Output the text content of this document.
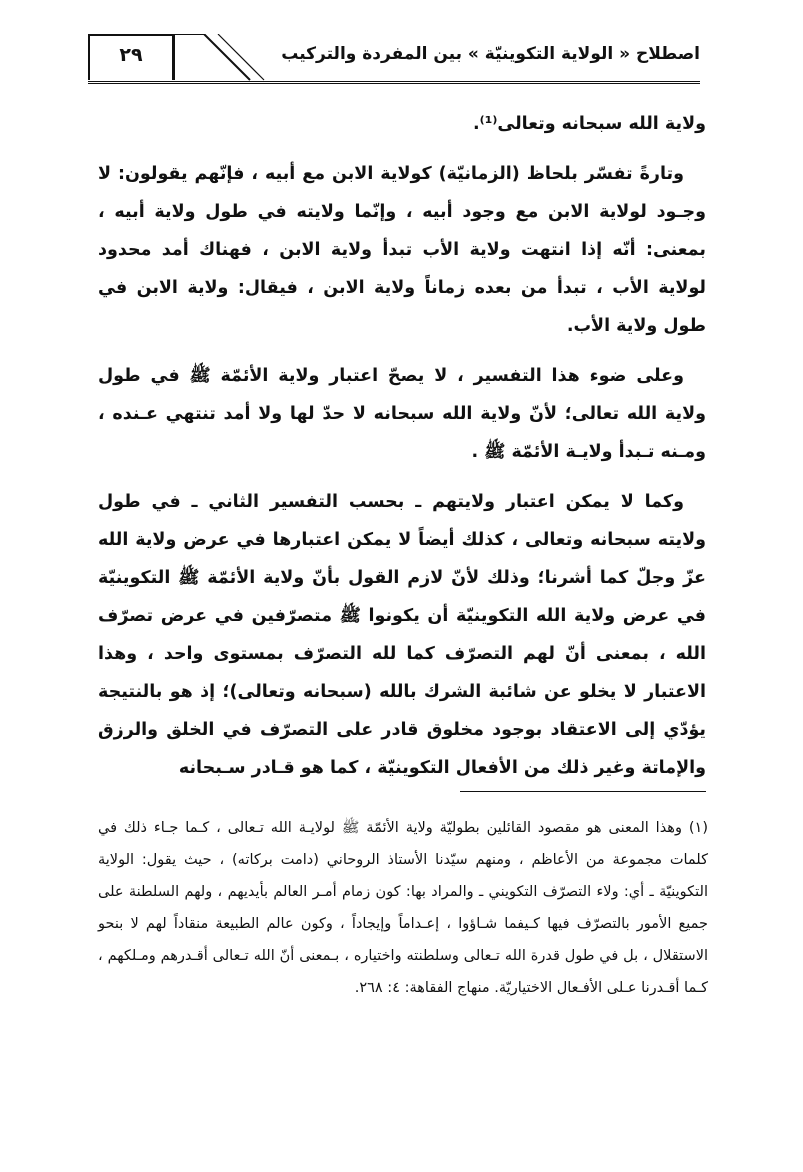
٢٩	اصطلاح « الولاية التكوينيّة » بين المفردة والتركيب

ولاية الله سبحانه وتعالى⁽¹⁾.

وتارةً تفسّر بلحاظ (الزمانيّة) كولاية الابن مع أبيه ، فإنّهم يقولون: لا وجـود لولاية الابن مع وجود أبيه ، وإنّما ولايته في طول ولاية أبيه ، بمعنى: أنّه إذا انتهت ولاية الأب تبدأ ولاية الابن ، فهناك أمد محدود لولاية الأب ، تبدأ من بعده زماناً ولاية الابن ، فيقال: ولاية الابن في طول ولاية الأب.

وعلى ضوء هذا التفسير ، لا يصحّ اعتبار ولاية الأئمّة ﷺ في طول ولاية الله تعالى؛ لأنّ ولاية الله سبحانه لا حدّ لها ولا أمد تنتهي عـنده ، ومـنه تـبدأ ولايـة الأئمّة ﷺ .

وكما لا يمكن اعتبار ولايتهم ـ بحسب التفسير الثاني ـ في طول ولايته سبحانه وتعالى ، كذلك أيضاً لا يمكن اعتبارها في عرض ولاية الله عزّ وجلّ كما أشرنا؛ وذلك لأنّ لازم القول بأنّ ولاية الأئمّة ﷺ التكوينيّة في عرض ولاية الله التكوينيّة أن يكونوا ﷺ متصرّفين في عرض تصرّف الله ، بمعنى أنّ لهم التصرّف كما لله التصرّف بمستوى واحد ، وهذا الاعتبار لا يخلو عن شائبة الشرك بالله (سبحانه وتعالى)؛ إذ هو بالنتيجة يؤدّي إلى الاعتقاد بوجود مخلوق قادر على التصرّف في الخلق والرزق والإماتة وغير ذلك من الأفعال التكوينيّة ، كما هو قـادر سـبحانه

(١) وهذا المعنى هو مقصود القائلين بطوليّة ولاية الأئمّة ﷺ لولايـة الله تـعالى ، كـما جـاء ذلك في كلمات مجموعة من الأعاظم ، ومنهم سيّدنا الأستاذ الروحاني (دامت بركاته) ، حيث يقول: الولاية التكوينيّة ـ أي: ولاء التصرّف التكويني ـ والمراد بها: كون زمام أمـر العالم بأيديهم ، ولهم السلطنة على جميع الأمور بالتصرّف فيها كـيفما شـاؤوا ، إعـداماً وإيجاداً ، وكون عالم الطبيعة منقاداً لهم لا بنحو الاستقلال ، بل في طول قدرة الله تـعالى وسلطنته واختياره ، بـمعنى أنّ الله تـعالى أقـدرهم ومـلكهم ، كـما أقـدرنا عـلى الأفـعال الاختياريّة. منهاج الفقاهة: ٤: ٢٦٨.
